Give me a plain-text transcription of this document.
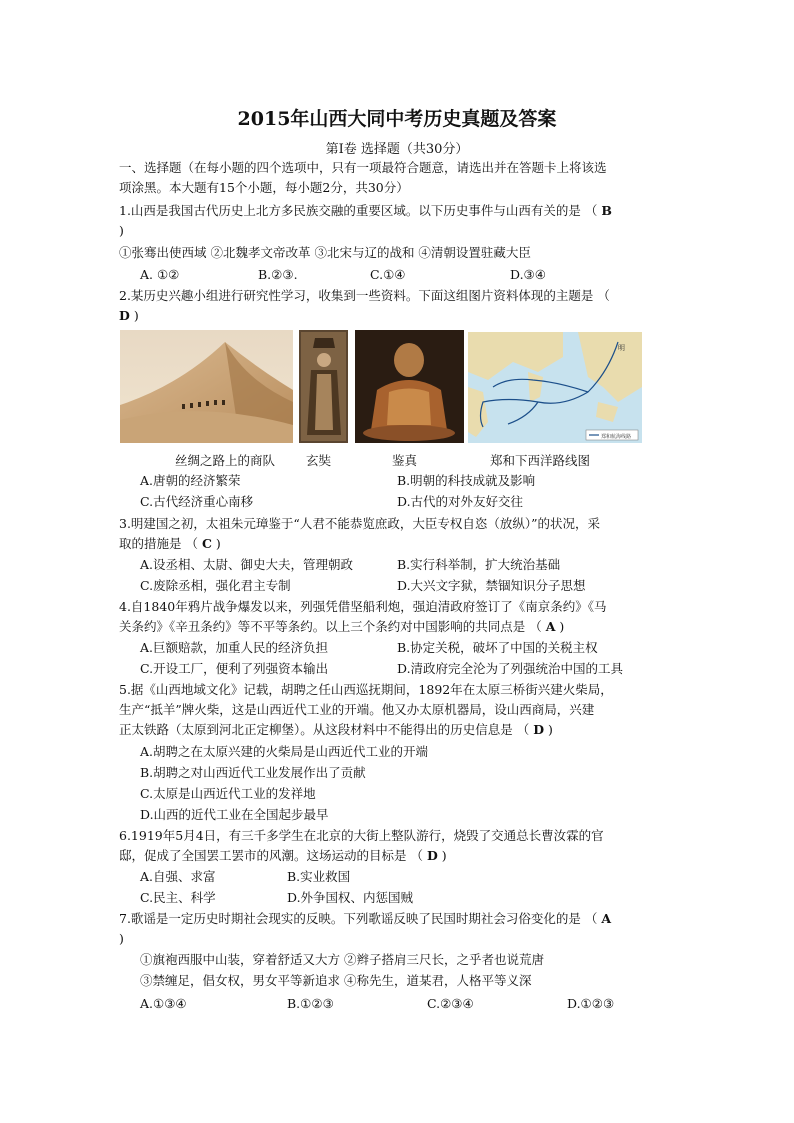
2015年山西大同中考历史真题及答案
第Ⅰ卷 选择题（共30分）
一、选择题（在每小题的四个选项中，只有一项最符合题意，请选出并在答题卡上将该选
项涂黑。本大题有15个小题，每小题2分，共30分）
1.山西是我国古代历史上北方多民族交融的重要区域。以下历史事件与山西有关的是 （ B
)
①张骞出使西域 ②北魏孝文帝改革 ③北宋与辽的战和 ④清朝设置驻藏大臣
A. ①②	B.②③.	C.①④	D.③④
2.某历史兴趣小组进行研究性学习，收集到一些资料。下面这组图片资料体现的主题是 （
D )
明
郑和航海线路
丝绸之路上的商队 玄奘	鉴真	郑和下西洋路线图
A.唐朝的经济繁荣	B.明朝的科技成就及影响
C.古代经济重心南移	D.古代的对外友好交往
3.明建国之初，太祖朱元璋鉴于“人君不能恭览庶政，大臣专权自恣（放纵）”的状况，采
取的措施是 （ C )
A.设丞相、太尉、御史大夫，管理朝政	B.实行科举制，扩大统治基础
C.废除丞相，强化君主专制	D.大兴文字狱，禁锢知识分子思想
4.自1840年鸦片战争爆发以来，列强凭借坚船利炮，强迫清政府签订了《南京条约》《马
关条约》《辛丑条约》等不平等条约。以上三个条约对中国影响的共同点是 （ A )
A.巨额赔款，加重人民的经济负担	B.协定关税，破坏了中国的关税主权
C.开设工厂，便利了列强资本输出	D.清政府完全沦为了列强统治中国的工具
5.据《山西地域文化》记载，胡聘之任山西巡抚期间，1892年在太原三桥街兴建火柴局，
生产“抵羊”牌火柴，这是山西近代工业的开端。他又办太原机器局，设山西商局，兴建
正太铁路（太原到河北正定柳堡）。从这段材料中不能得出的历史信息是 （ D )
A.胡聘之在太原兴建的火柴局是山西近代工业的开端
B.胡聘之对山西近代工业发展作出了贡献
C.太原是山西近代工业的发祥地
D.山西的近代工业在全国起步最早
6.1919年5月4日，有三千多学生在北京的大街上整队游行，烧毁了交通总长曹汝霖的官
邸，促成了全国罢工罢市的风潮。这场运动的目标是 （ D )
A.自强、求富	B.实业救国
C.民主、科学	D.外争国权、内惩国贼
7.歌谣是一定历史时期社会现实的反映。下列歌谣反映了民国时期社会习俗变化的是 （ A
)
①旗袍西服中山装，穿着舒适又大方 ②辫子搭肩三尺长，之乎者也说荒唐
③禁缠足，倡女权，男女平等新追求 ④称先生，道某君，人格平等义深
A.①③④	B.①②③	C.②③④	D.①②③
